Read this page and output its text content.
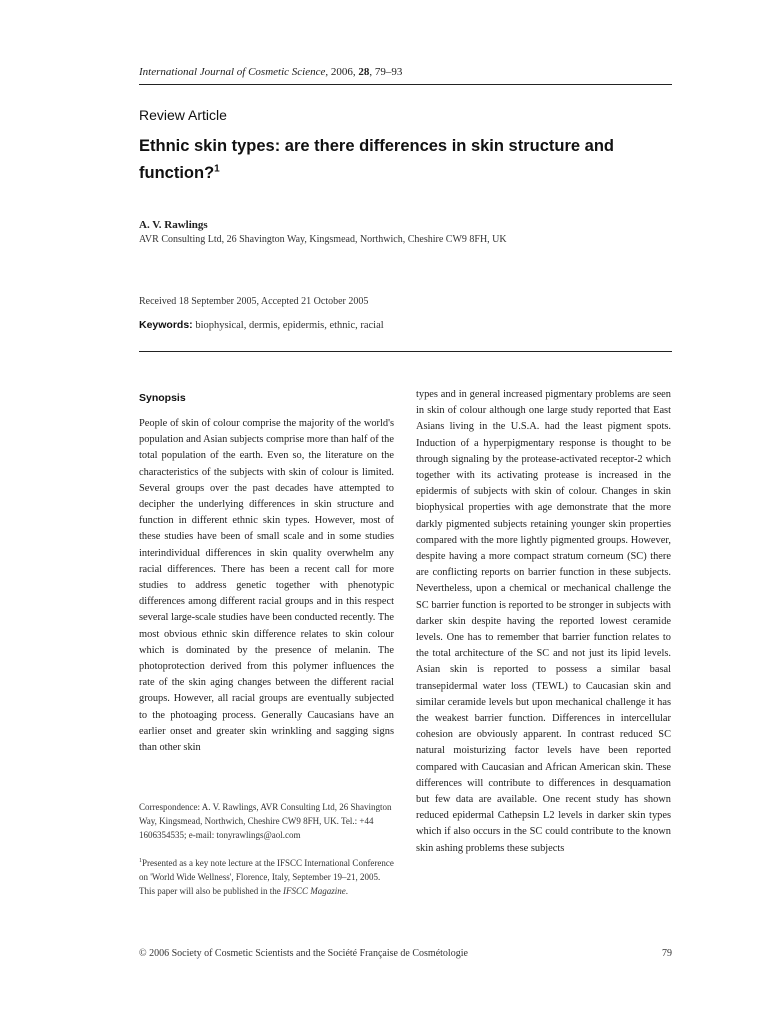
International Journal of Cosmetic Science, 2006, 28, 79–93
Review Article
Ethnic skin types: are there differences in skin structure and function?$^1$
A. V. Rawlings
AVR Consulting Ltd, 26 Shavington Way, Kingsmead, Northwich, Cheshire CW9 8FH, UK
Received 18 September 2005, Accepted 21 October 2005
Keywords: biophysical, dermis, epidermis, ethnic, racial
Synopsis

People of skin of colour comprise the majority of the world's population and Asian subjects comprise more than half of the total population of the earth. Even so, the literature on the characteristics of the subjects with skin of colour is limited. Several groups over the past decades have attempted to decipher the underlying differences in skin structure and function in different ethnic skin types. However, most of these studies have been of small scale and in some studies interindividual differences in skin quality overwhelm any racial differences. There has been a recent call for more studies to address genetic together with phenotypic differences among different racial groups and in this respect several large-scale studies have been conducted recently. The most obvious ethnic skin difference relates to skin colour which is dominated by the presence of melanin. The photoprotection derived from this polymer influences the rate of the skin aging changes between the different racial groups. However, all racial groups are eventually subjected to the photoaging process. Generally Caucasians have an earlier onset and greater skin wrinkling and sagging signs than other skin

Correspondence: A. V. Rawlings, AVR Consulting Ltd, 26 Shavington Way, Kingsmead, Northwich, Cheshire CW9 8FH, UK. Tel.: +44 1606354535; e-mail: tonyrawlings@aol.com

$^1$Presented as a key note lecture at the IFSCC International Conference on 'World Wide Wellness', Florence, Italy, September 19–21, 2005. This paper will also be published in the IFSCC Magazine.

types and in general increased pigmentary problems are seen in skin of colour although one large study reported that East Asians living in the U.S.A. had the least pigment spots. Induction of a hyperpigmentary response is thought to be through signaling by the protease-activated receptor-2 which together with its activating protease is increased in the epidermis of subjects with skin of colour. Changes in skin biophysical properties with age demonstrate that the more darkly pigmented subjects retaining younger skin properties compared with the more lightly pigmented groups. However, despite having a more compact stratum corneum (SC) there are conflicting reports on barrier function in these subjects. Nevertheless, upon a chemical or mechanical challenge the SC barrier function is reported to be stronger in subjects with darker skin despite having the reported lowest ceramide levels. One has to remember that barrier function relates to the total architecture of the SC and not just its lipid levels. Asian skin is reported to possess a similar basal transepidermal water loss (TEWL) to Caucasian skin and similar ceramide levels but upon mechanical challenge it has the weakest barrier function. Differences in intercellular cohesion are obviously apparent. In contrast reduced SC natural moisturizing factor levels have been reported compared with Caucasian and African American skin. These differences will contribute to differences in desquamation but few data are available. One recent study has shown reduced epidermal Cathepsin L2 levels in darker skin types which if also occurs in the SC could contribute to the known skin ashing problems these subjects

© 2006 Society of Cosmetic Scientists and the Société Française de Cosmétologie	79
